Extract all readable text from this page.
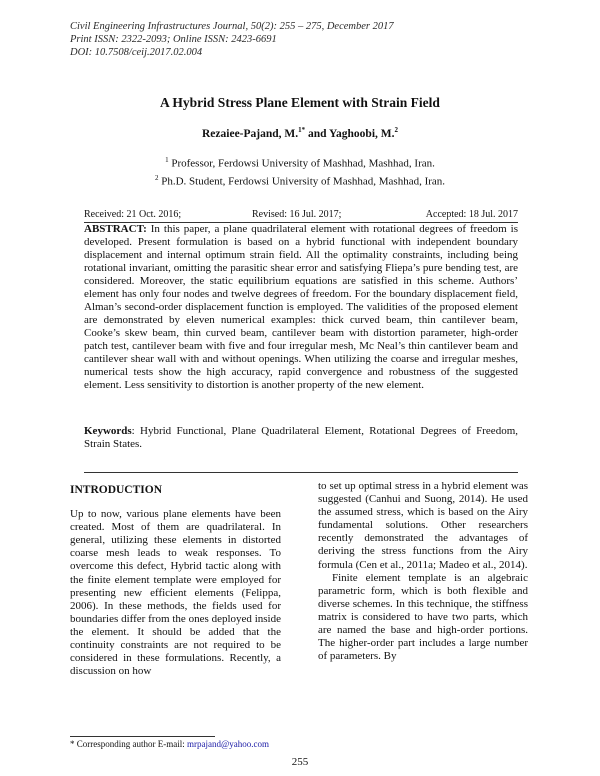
Civil Engineering Infrastructures Journal, 50(2): 255 – 275, December 2017
Print ISSN: 2322-2093; Online ISSN: 2423-6691
DOI: 10.7508/ceij.2017.02.004
A Hybrid Stress Plane Element with Strain Field
Rezaiee-Pajand, M.$^{1*}$ and Yaghoobi, M.$^2$
$^1$ Professor, Ferdowsi University of Mashhad, Mashhad, Iran.
$^2$ Ph.D. Student, Ferdowsi University of Mashhad, Mashhad, Iran.
Received: 21 Oct. 2016;	Revised: 16 Jul. 2017;	Accepted: 18 Jul. 2017
ABSTRACT: In this paper, a plane quadrilateral element with rotational degrees of freedom is developed. Present formulation is based on a hybrid functional with independent boundary displacement and internal optimum strain field. All the optimality constraints, including being rotational invariant, omitting the parasitic shear error and satisfying Fliepa’s pure bending test, are considered. Moreover, the static equilibrium equations are satisfied in this scheme. Authors’ element has only four nodes and twelve degrees of freedom. For the boundary displacement field, Alman’s second-order displacement function is employed. The validities of the proposed element are demonstrated by eleven numerical examples: thick curved beam, thin cantilever beam, Cooke’s skew beam, thin curved beam, cantilever beam with distortion parameter, high-order patch test, cantilever beam with five and four irregular mesh, Mc Neal’s thin cantilever beam and cantilever shear wall with and without openings. When utilizing the coarse and irregular meshes, numerical tests show the high accuracy, rapid convergence and robustness of the suggested element. Less sensitivity to distortion is another property of the new element.
Keywords: Hybrid Functional, Plane Quadrilateral Element, Rotational Degrees of Freedom, Strain States.
INTRODUCTION

Up to now, various plane elements have been created. Most of them are quadrilateral. In general, utilizing these elements in distorted coarse mesh leads to weak responses. To overcome this defect, Hybrid tactic along with the finite element template were employed for presenting new efficient elements (Felippa, 2006). In these methods, the fields used for boundaries differ from the ones deployed inside the element. It should be added that the continuity constraints are not required to be considered in these formulations. Recently, a discussion on how

to set up optimal stress in a hybrid element was suggested (Canhui and Suong, 2014). He used the assumed stress, which is based on the Airy fundamental solutions. Other researchers recently demonstrated the advantages of deriving the stress functions from the Airy formula (Cen et al., 2011a; Madeo et al., 2014).

Finite element template is an algebraic parametric form, which is both flexible and diverse schemes. In this technique, the stiffness matrix is considered to have two parts, which are named the base and high-order portions. The higher-order part includes a large number of parameters. By

* Corresponding author E-mail: mrpajand@yahoo.com
255
